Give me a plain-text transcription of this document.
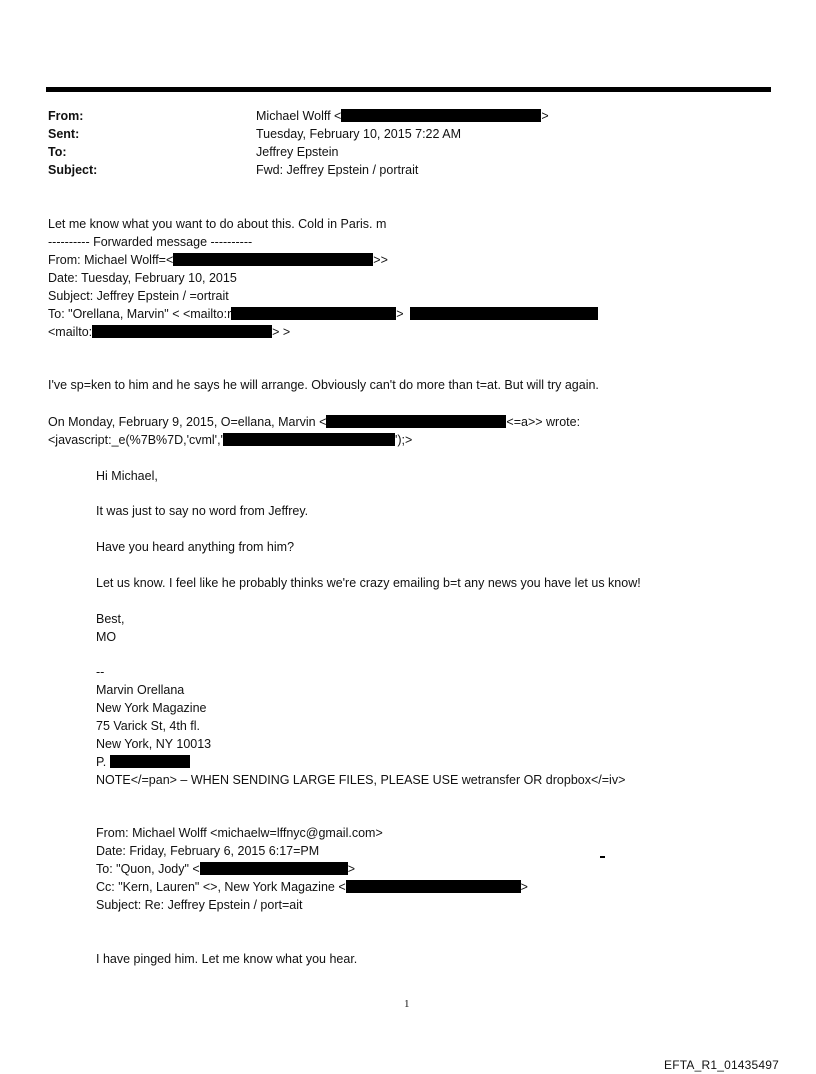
From:	Michael Wolff <	>
Sent:	Tuesday, February 10, 2015 7:22 AM
To:	Jeffrey Epstein
Subject:	Fwd: Jeffrey Epstein / portrait
Let me know what you want to do about this. Cold in Paris. m
---------- Forwarded message ----------
From: Michael Wolff=<	>>
Date: Tuesday, February 10, 2015
Subject: Jeffrey Epstein / =ortrait
To: "Orellana, Marvin" < <mailto:r	>
<mailto:	> >
I've sp=ken to him and he says he will arrange. Obviously can't do more than t=at. But will try again.
On Monday, February 9, 2015, O=ellana, Marvin <	<=a>> wrote:
<javascript:_e(%7B%7D,'cvml','	');>
Hi Michael,
It was just to say no word from Jeffrey.
Have you heard anything from him?
Let us know. I feel like he probably thinks we're crazy emailing b=t any news you have let us know!
Best,
MO
--
Marvin Orellana
New York Magazine
75 Varick St, 4th fl.
New York, NY 10013
P.
NOTE</=pan> – WHEN SENDING LARGE FILES, PLEASE USE wetransfer OR dropbox</=iv>
From: Michael Wolff <michaelw=lffnyc@gmail.com>
Date: Friday, February 6, 2015 6:17=PM
To: "Quon, Jody" <	>
Cc: "Kern, Lauren" <>, New York Magazine <	>
Subject: Re: Jeffrey Epstein / port=ait
I have pinged him. Let me know what you hear.
1
EFTA_R1_01435497
